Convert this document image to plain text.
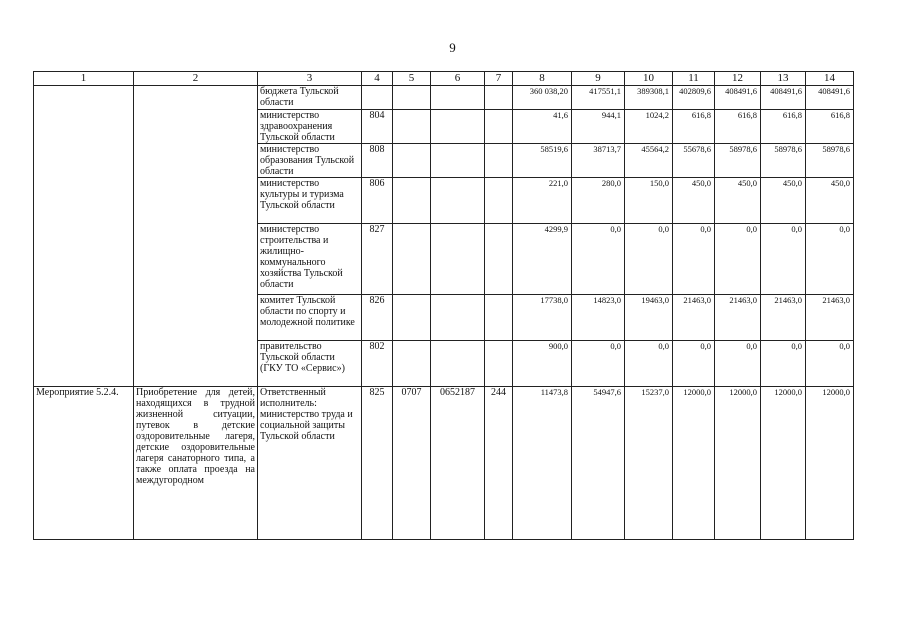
9
1	2	3	4	5	6	7	8	9	10	11	12	13	14
		бюджета Тульской области					360 038,20	417551,1	389308,1	402809,6	408491,6	408491,6	408491,6
		министерство здравоохранения Тульской области	804				41,6	944,1	1024,2	616,8	616,8	616,8	616,8
		министерство образования Тульской области	808				58519,6	38713,7	45564,2	55678,6	58978,6	58978,6	58978,6
		министерство культуры и туризма Тульской области	806				221,0	280,0	150,0	450,0	450,0	450,0	450,0
		министерство строительства и жилищно-коммунального хозяйства Тульской области	827				4299,9	0,0	0,0	0,0	0,0	0,0	0,0
		комитет Тульской области по спорту и молодежной политике	826				17738,0	14823,0	19463,0	21463,0	21463,0	21463,0	21463,0
		правительство Тульской области (ГКУ ТО «Сервис»)	802				900,0	0,0	0,0	0,0	0,0	0,0	0,0
Мероприятие 5.2.4.	Приобретение для детей, находящихся в трудной жизненной ситуации, путевок в детские оздоровительные лагеря, детские оздоровительные лагеря санаторного типа, а также оплата проезда на междугородном	Ответственный исполнитель: министерство труда и социальной защиты Тульской области	825	0707	0652187	244	11473,8	54947,6	15237,0	12000,0	12000,0	12000,0	12000,0
